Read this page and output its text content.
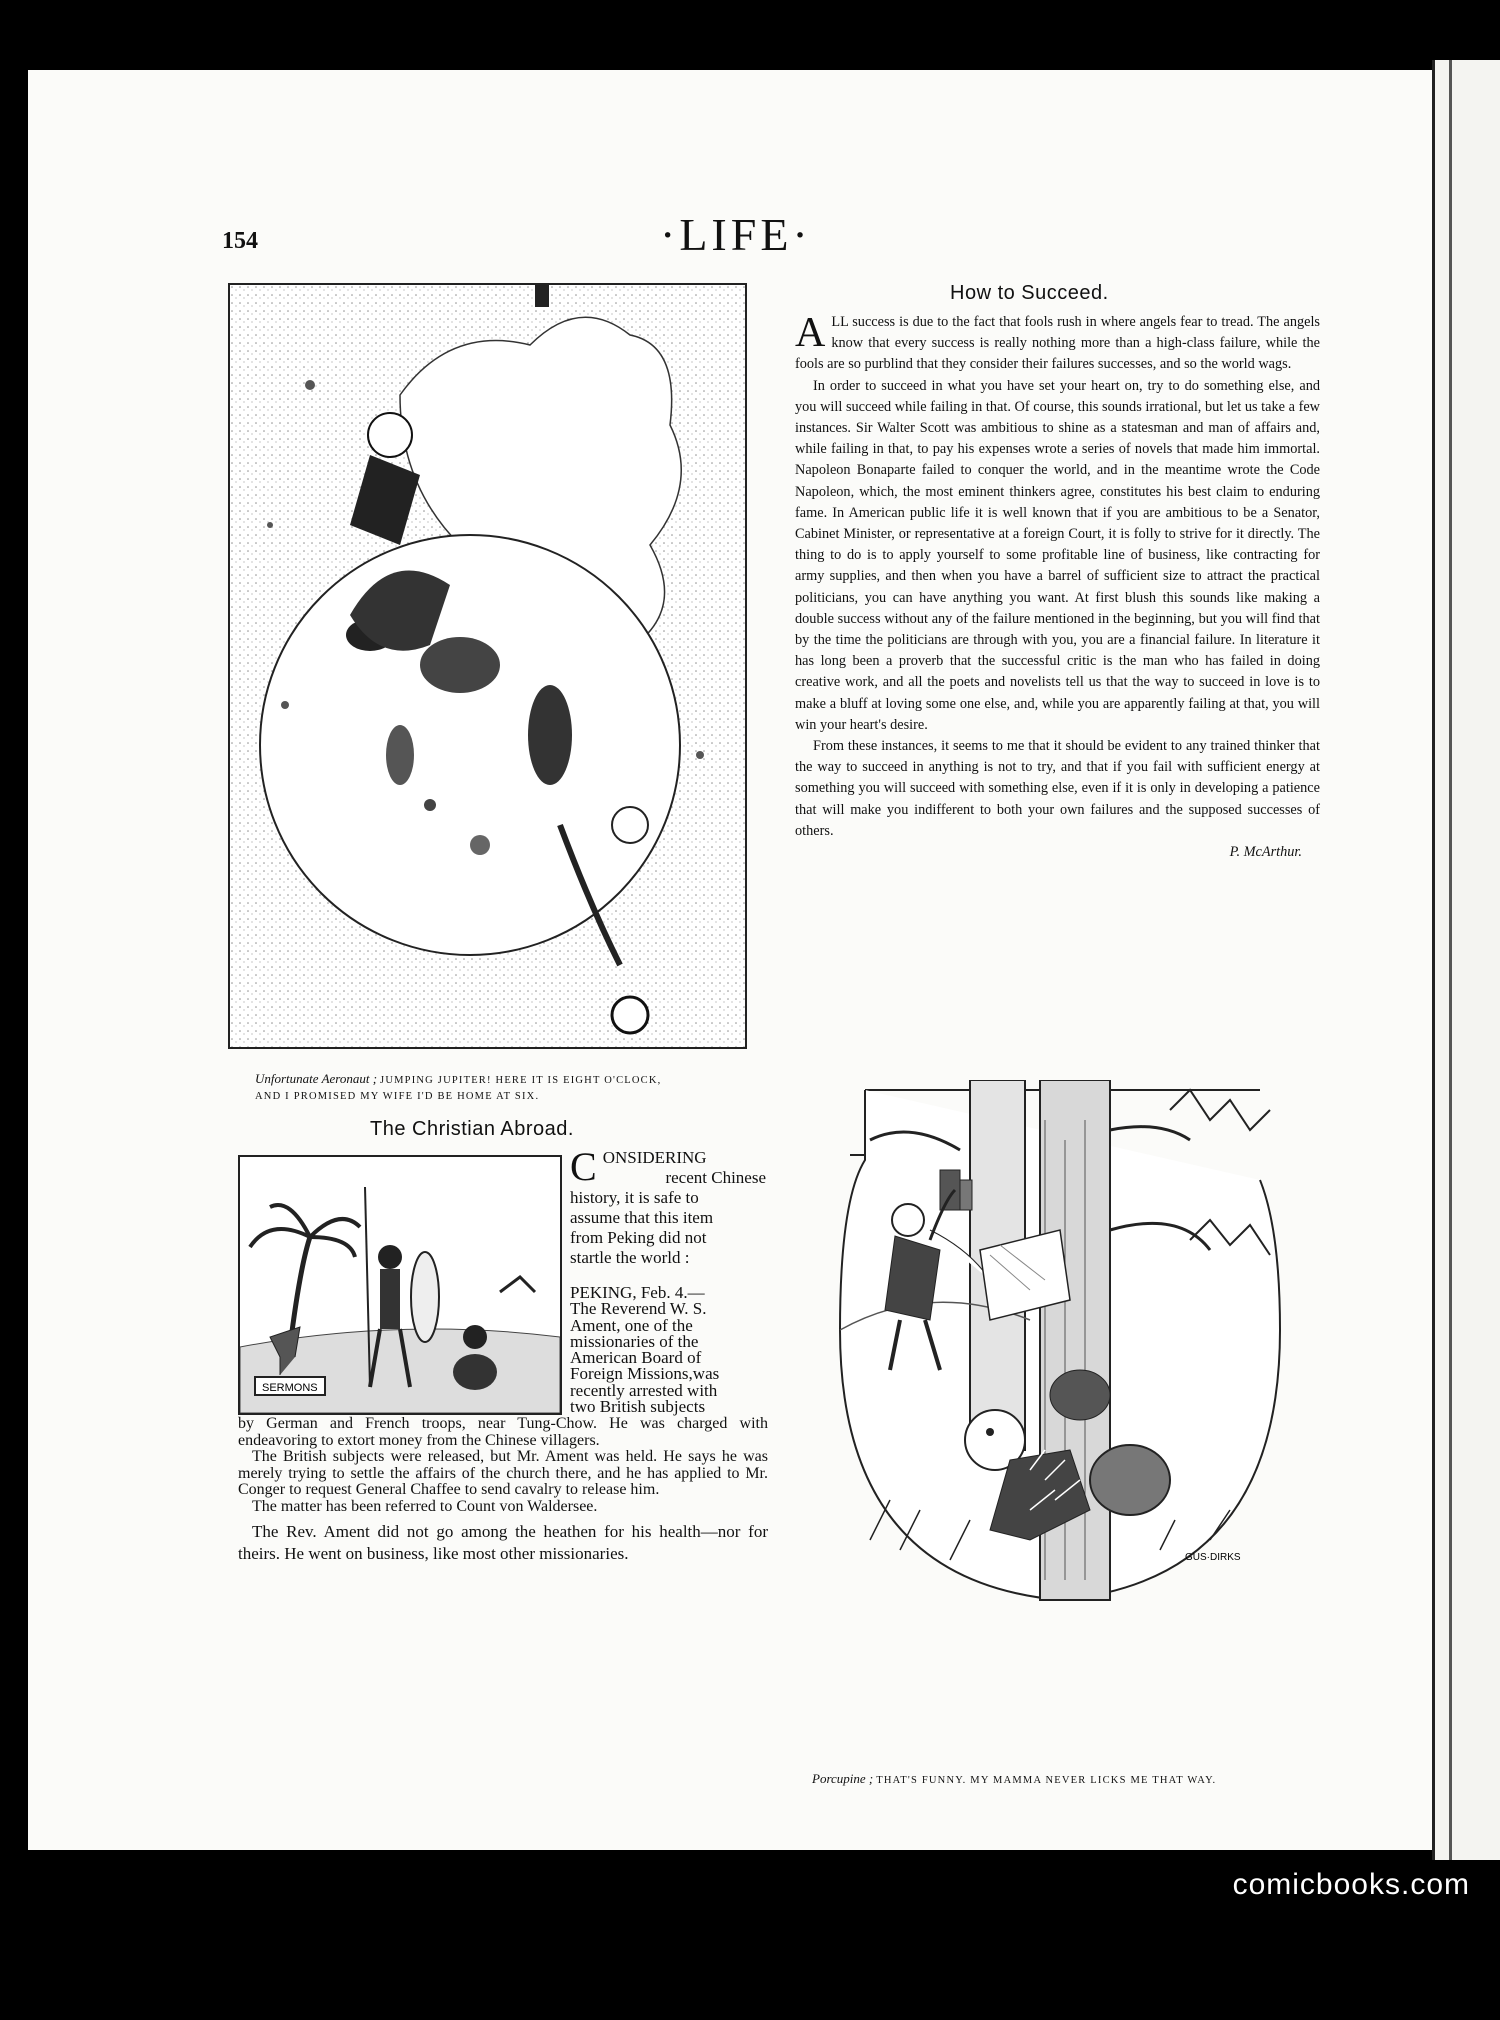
154	·LIFE·
Unfortunate Aeronaut ; JUMPING JUPITER! HERE IT IS EIGHT O'CLOCK,
AND I PROMISED MY WIFE I'D BE HOME AT SIX.
How to Succeed.

ALL success is due to the fact that fools rush in where angels fear to tread. The angels know that every success is really nothing more than a high-class failure, while the fools are so purblind that they consider their failures successes, and so the world wags.

In order to succeed in what you have set your heart on, try to do something else, and you will succeed while failing in that. Of course, this sounds irrational, but let us take a few instances. Sir Walter Scott was ambitious to shine as a statesman and man of affairs and, while failing in that, to pay his expenses wrote a series of novels that made him immortal. Napoleon Bonaparte failed to conquer the world, and in the meantime wrote the Code Napoleon, which, the most eminent thinkers agree, constitutes his best claim to enduring fame. In American public life it is well known that if you are ambitious to be a Senator, Cabinet Minister, or representative at a foreign Court, it is folly to strive for it directly. The thing to do is to apply yourself to some profitable line of business, like contracting for army supplies, and then when you have a barrel of sufficient size to attract the practical politicians, you can have anything you want. At first blush this sounds like making a double success without any of the failure mentioned in the beginning, but you will find that by the time the politicians are through with you, you are a financial failure. In literature it has long been a proverb that the successful critic is the man who has failed in doing creative work, and all the poets and novelists tell us that the way to succeed in love is to make a bluff at loving some one else, and, while you are apparently failing at that, you will win your heart's desire.

From these instances, it seems to me that it should be evident to any trained thinker that the way to succeed in anything is not to try, and that if you fail with sufficient energy at something you will succeed with something else, even if it is only in developing a patience that will make you indifferent to both your own failures and the supposed successes of others.

P. McArthur.
The Christian Abroad.
SERMONS

CONSIDERING

recent Chinese

history, it is safe to

assume that this item

from Peking did not

startle the world :

PEKING, Feb. 4.—

The Reverend W. S.

Ament, one of the

missionaries of the

American Board of

Foreign Missions,was

recently arrested with

two British subjects

by German and French troops, near Tung-Chow. He was charged with endeavoring to extort money from the Chinese villagers.

The British subjects were released, but Mr. Ament was held. He says he was merely trying to settle the affairs of the church there, and he has applied to Mr. Conger to request General Chaffee to send cavalry to release him.

The matter has been referred to Count von Waldersee.

The Rev. Ament did not go among the heathen for his health—nor for theirs. He went on business, like most other missionaries.	GUS·DIRKS
Porcupine ; THAT'S FUNNY. MY MAMMA NEVER LICKS ME THAT WAY.
comicbooks.com
